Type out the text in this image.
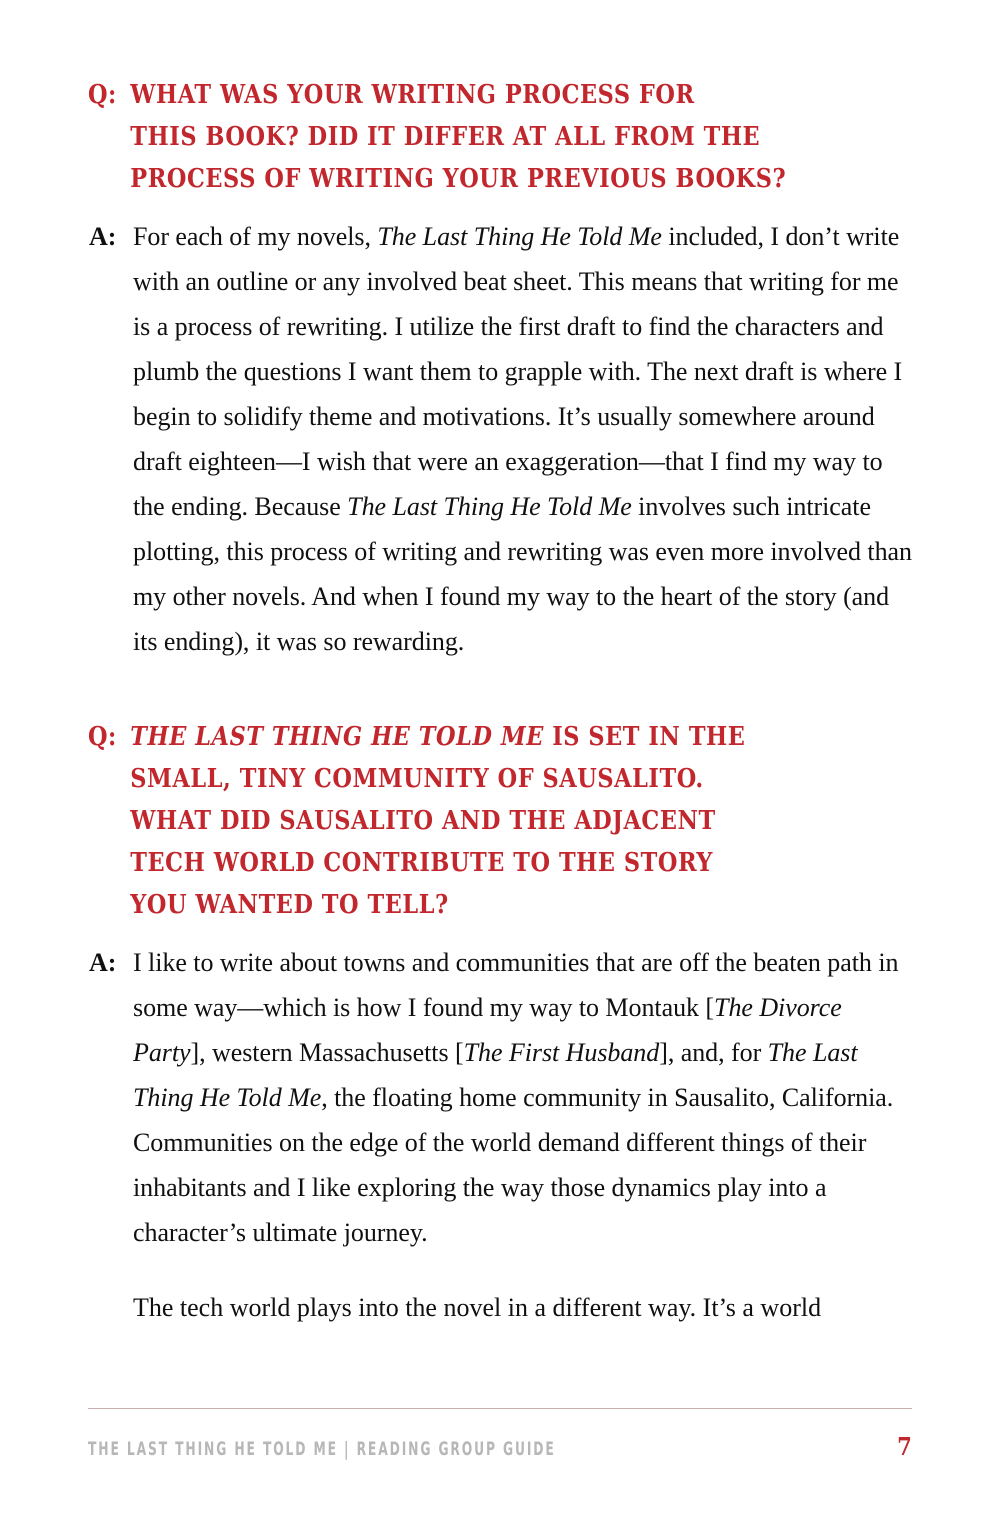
Q: WHAT WAS YOUR WRITING PROCESS FOR
THIS BOOK? DID IT DIFFER AT ALL FROM THE
PROCESS OF WRITING YOUR PREVIOUS BOOKS?
A: For each of my novels, The Last Thing He Told Me included, I don’t write with an outline or any involved beat sheet. This means that writing for me is a process of rewriting. I utilize the first draft to find the characters and plumb the questions I want them to grapple with. The next draft is where I begin to solidify theme and motivations. It’s usually somewhere around draft eighteen—I wish that were an exaggeration—that I find my way to the ending. Because The Last Thing He Told Me involves such intricate plotting, this process of writing and rewriting was even more involved than my other novels. And when I found my way to the heart of the story (and its ending), it was so rewarding.
Q: THE LAST THING HE TOLD ME IS SET IN THE
SMALL, TINY COMMUNITY OF SAUSALITO.
WHAT DID SAUSALITO AND THE ADJACENT
TECH WORLD CONTRIBUTE TO THE STORY
YOU WANTED TO TELL?
A: I like to write about towns and communities that are off the beaten path in some way—which is how I found my way to Montauk [The Divorce Party], western Massachusetts [The First Husband], and, for The Last Thing He Told Me, the floating home community in Sausalito, California. Communities on the edge of the world demand different things of their inhabitants and I like exploring the way those dynamics play into a character’s ultimate journey.
The tech world plays into the novel in a different way. It’s a world
THE LAST THING HE TOLD ME | READING GROUP GUIDE	7
